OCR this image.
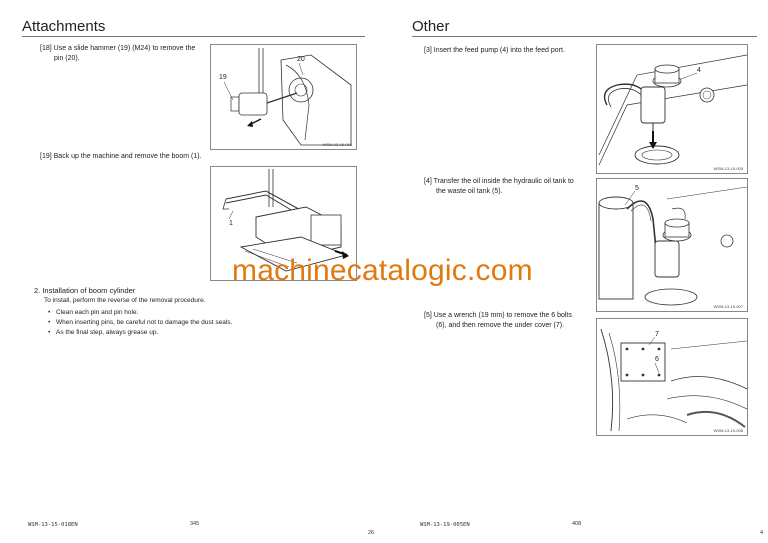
Attachments
[18] Use a slide hammer (19) (M24) to remove the
pin (20).	20
19
WSM-13-15-018
[19] Back up the machine and remove the boom (1).
1
2. Installation of boom cylinder
To install, perform the reverse of the removal procedure.
• Clean each pin and pin hole.
• When inserting pins, be careful not to damage the dust seals.
• As the final step, always grease up.
WSM-13-15-018EN	345
26
Other
[3] Insert the feed pump (4) into the feed port.
4
WSM-13-19-005
[4] Transfer the oil inside the hydraulic oil tank to
the waste oil tank (5).	5
WSM-13-19-007
[5] Use a wrench (19 mm) to remove the 6 bolts
(6), and then remove the under cover (7).
7
6
WSM-13-19-008
WSM-13-19-005EN	408
4
machinecatalogic.com
